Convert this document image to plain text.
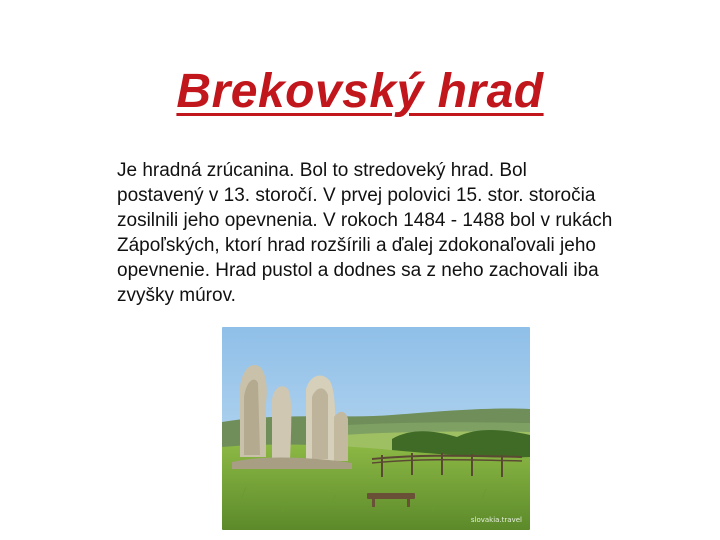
Brekovský hrad
Je hradná zrúcanina. Bol to stredoveký hrad. Bol postavený v 13. storočí. V prvej polovici 15. stor. storočia zosilnili jeho opevnenia. V rokoch 1484 - 1488 bol v rukách Zápoľských, ktorí hrad rozšírili a ďalej zdokonaľovali jeho opevnenie. Hrad pustol a dodnes sa z neho zachovali iba zvyšky múrov.
slovakia.travel
